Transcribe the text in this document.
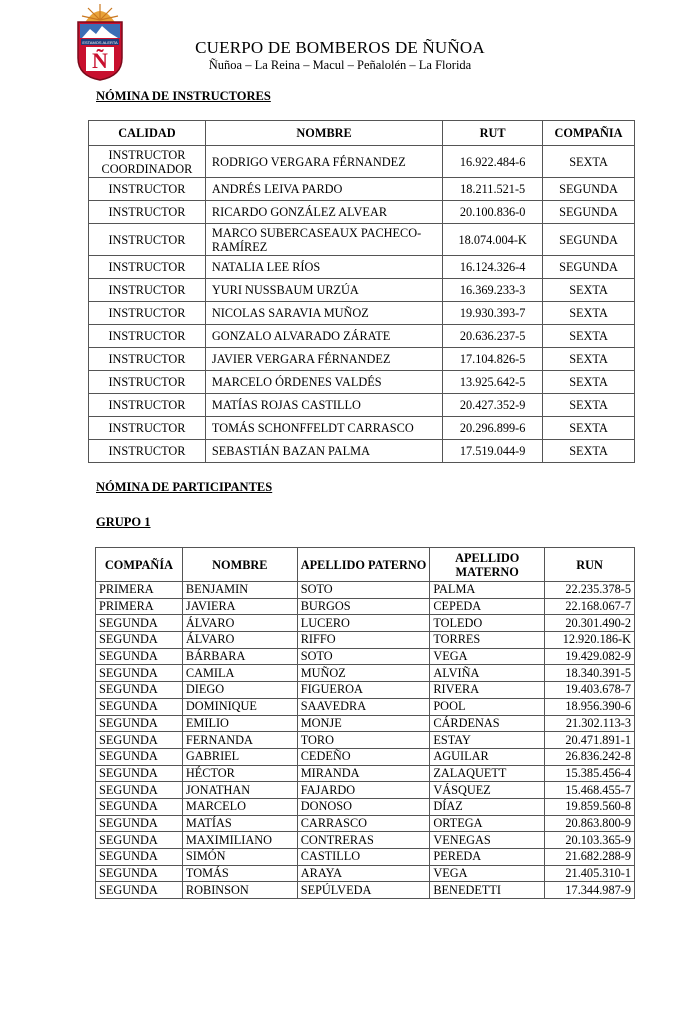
ESTAMOS ALERTA
Ñ
CUERPO DE BOMBEROS DE ÑUÑOA
Ñuñoa – La Reina – Macul – Peñalolén – La Florida
NÓMINA DE INSTRUCTORES
CALIDAD	NOMBRE	RUT	COMPAÑIA
INSTRUCTOR COORDINADOR	RODRIGO VERGARA FÉRNANDEZ	16.922.484-6	SEXTA
INSTRUCTOR	ANDRÉS LEIVA PARDO	18.211.521-5	SEGUNDA
INSTRUCTOR	RICARDO GONZÁLEZ ALVEAR	20.100.836-0	SEGUNDA
INSTRUCTOR	MARCO SUBERCASEAUX PACHECO-RAMÍREZ	18.074.004-K	SEGUNDA
INSTRUCTOR	NATALIA LEE RÍOS	16.124.326-4	SEGUNDA
INSTRUCTOR	YURI NUSSBAUM URZÚA	16.369.233-3	SEXTA
INSTRUCTOR	NICOLAS SARAVIA MUÑOZ	19.930.393-7	SEXTA
INSTRUCTOR	GONZALO ALVARADO ZÁRATE	20.636.237-5	SEXTA
INSTRUCTOR	JAVIER VERGARA FÉRNANDEZ	17.104.826-5	SEXTA
INSTRUCTOR	MARCELO ÓRDENES VALDÉS	13.925.642-5	SEXTA
INSTRUCTOR	MATÍAS ROJAS CASTILLO	20.427.352-9	SEXTA
INSTRUCTOR	TOMÁS SCHONFFELDT CARRASCO	20.296.899-6	SEXTA
INSTRUCTOR	SEBASTIÁN BAZAN PALMA	17.519.044-9	SEXTA
NÓMINA DE PARTICIPANTES
GRUPO 1
COMPAÑÍA	NOMBRE	APELLIDO PATERNO	APELLIDO MATERNO	RUN
PRIMERA	BENJAMIN	SOTO	PALMA	22.235.378-5
PRIMERA	JAVIERA	BURGOS	CEPEDA	22.168.067-7
SEGUNDA	ÁLVARO	LUCERO	TOLEDO	20.301.490-2
SEGUNDA	ÁLVARO	RIFFO	TORRES	12.920.186-K
SEGUNDA	BÁRBARA	SOTO	VEGA	19.429.082-9
SEGUNDA	CAMILA	MUÑOZ	ALVIÑA	18.340.391-5
SEGUNDA	DIEGO	FIGUEROA	RIVERA	19.403.678-7
SEGUNDA	DOMINIQUE	SAAVEDRA	POOL	18.956.390-6
SEGUNDA	EMILIO	MONJE	CÁRDENAS	21.302.113-3
SEGUNDA	FERNANDA	TORO	ESTAY	20.471.891-1
SEGUNDA	GABRIEL	CEDEÑO	AGUILAR	26.836.242-8
SEGUNDA	HÉCTOR	MIRANDA	ZALAQUETT	15.385.456-4
SEGUNDA	JONATHAN	FAJARDO	VÁSQUEZ	15.468.455-7
SEGUNDA	MARCELO	DONOSO	DÍAZ	19.859.560-8
SEGUNDA	MATÍAS	CARRASCO	ORTEGA	20.863.800-9
SEGUNDA	MAXIMILIANO	CONTRERAS	VENEGAS	20.103.365-9
SEGUNDA	SIMÓN	CASTILLO	PEREDA	21.682.288-9
SEGUNDA	TOMÁS	ARAYA	VEGA	21.405.310-1
SEGUNDA	ROBINSON	SEPÚLVEDA	BENEDETTI	17.344.987-9
